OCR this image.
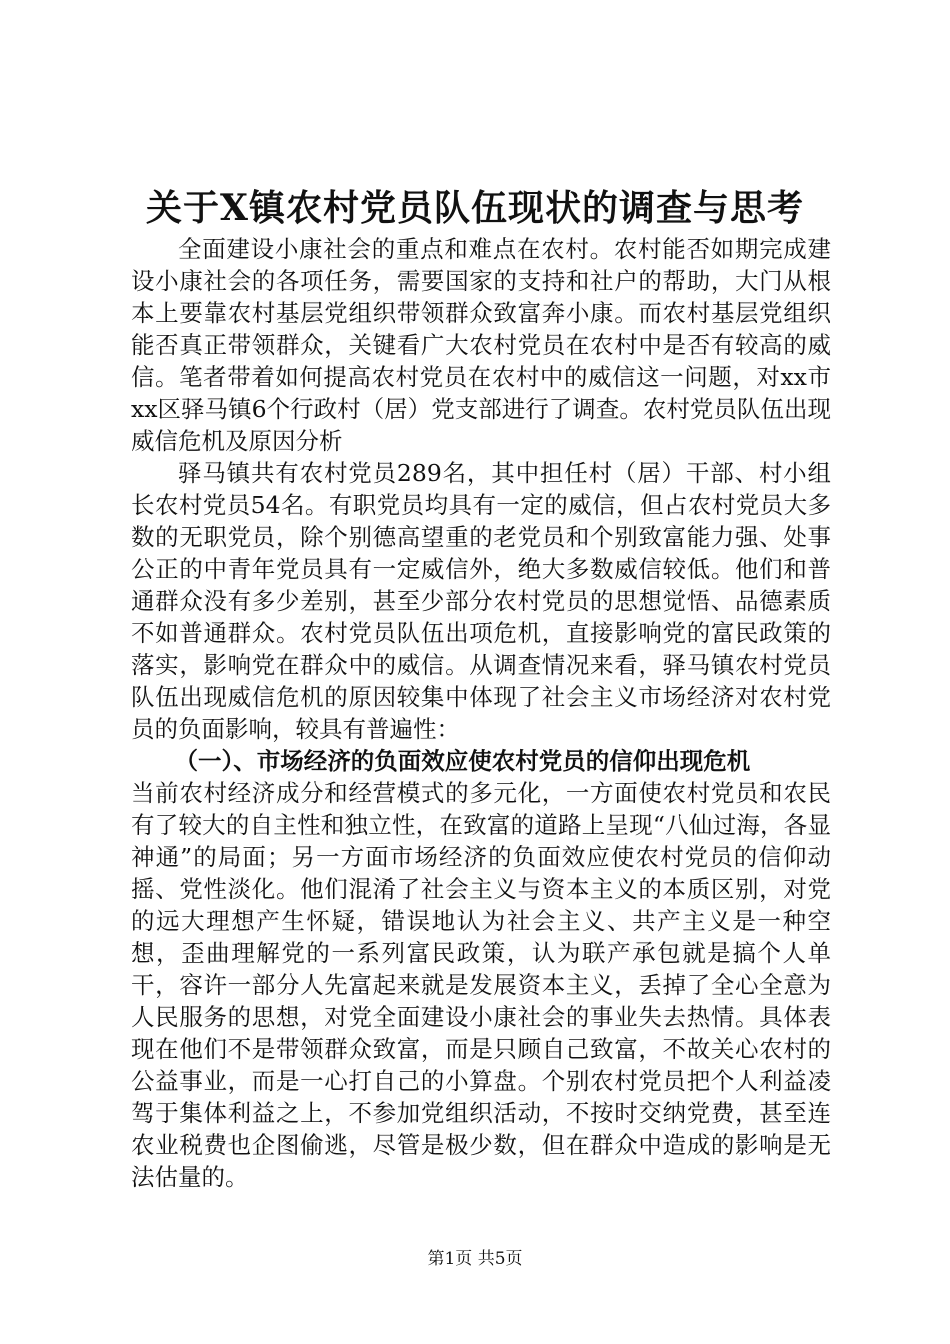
关于X镇农村党员队伍现状的调查与思考

全面建设小康社会的重点和难点在农村。农村能否如期完成建设小康社会的各项任务，需要国家的支持和社户的帮助，大门从根本上要靠农村基层党组织带领群众致富奔小康。而农村基层党组织能否真正带领群众，关键看广大农村党员在农村中是否有较高的威信。笔者带着如何提高农村党员在农村中的威信这一问题，对xx市xx区驿马镇6个行政村（居）党支部进行了调查。农村党员队伍出现威信危机及原因分析

驿马镇共有农村党员289名，其中担任村（居）干部、村小组长农村党员54名。有职党员均具有一定的威信，但占农村党员大多数的无职党员，除个别德高望重的老党员和个别致富能力强、处事公正的中青年党员具有一定威信外，绝大多数威信较低。他们和普通群众没有多少差别，甚至少部分农村党员的思想觉悟、品德素质不如普通群众。农村党员队伍出项危机，直接影响党的富民政策的落实，影响党在群众中的威信。从调查情况来看，驿马镇农村党员队伍出现威信危机的原因较集中体现了社会主义市场经济对农村党员的负面影响，较具有普遍性：

（一）、市场经济的负面效应使农村党员的信仰出现危机

当前农村经济成分和经营模式的多元化，一方面使农村党员和农民有了较大的自主性和独立性，在致富的道路上呈现“八仙过海，各显神通”的局面；另一方面市场经济的负面效应使农村党员的信仰动摇、党性淡化。他们混淆了社会主义与资本主义的本质区别，对党的远大理想产生怀疑，错误地认为社会主义、共产主义是一种空想，歪曲理解党的一系列富民政策，认为联产承包就是搞个人单干，容许一部分人先富起来就是发展资本主义，丢掉了全心全意为人民服务的思想，对党全面建设小康社会的事业失去热情。具体表现在他们不是带领群众致富，而是只顾自己致富，不故关心农村的公益事业，而是一心打自己的小算盘。个别农村党员把个人利益凌驾于集体利益之上，不参加党组织活动，不按时交纳党费，甚至连农业税费也企图偷逃，尽管是极少数，但在群众中造成的影响是无法估量的。

第1页 共5页
